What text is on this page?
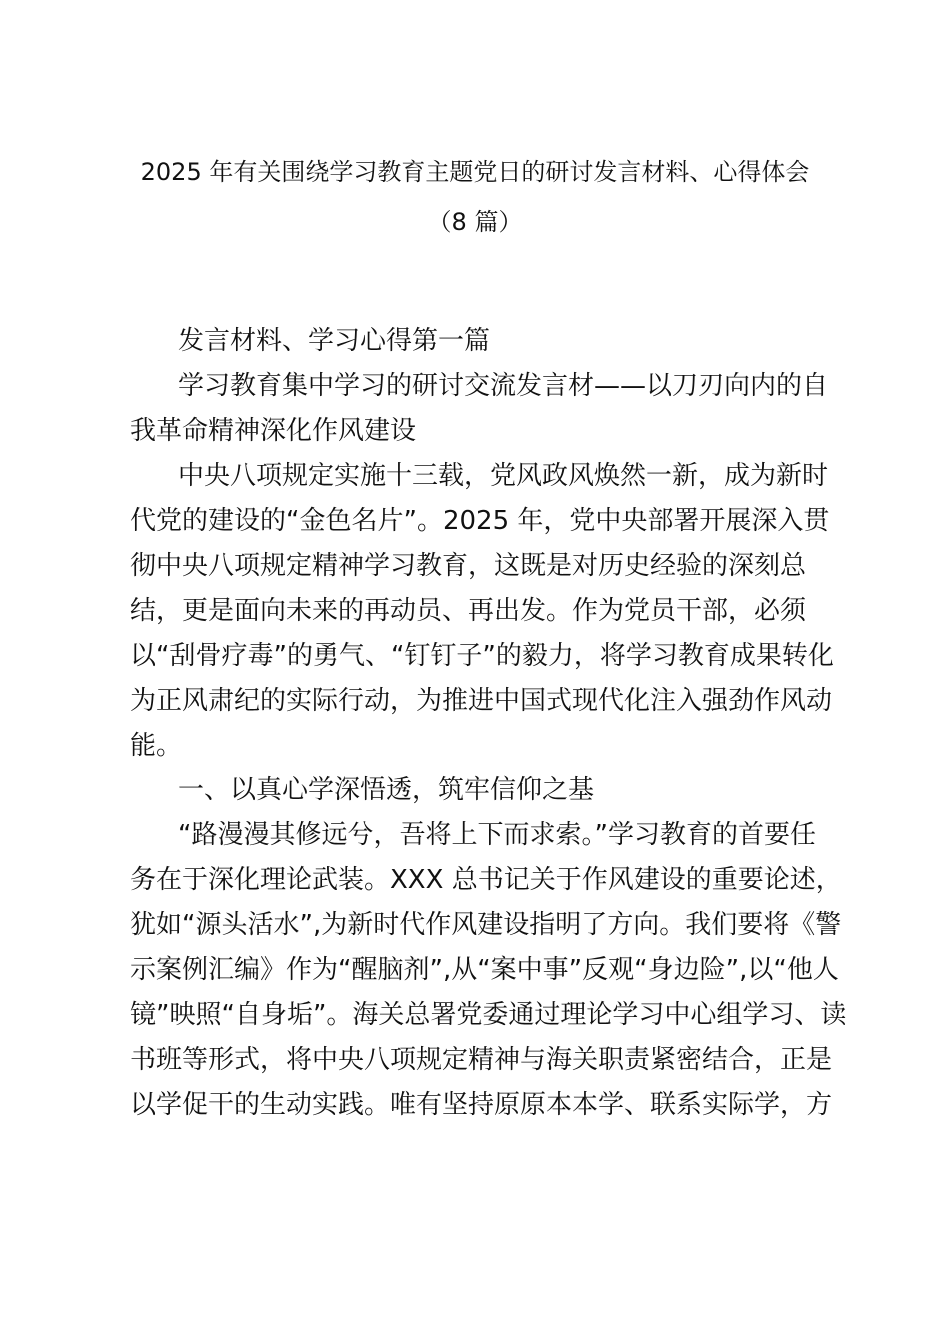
2025 年有关围绕学习教育主题党日的研讨发言材料、心得体会
（8 篇）
发言材料、学习心得第一篇
学习教育集中学习的研讨交流发言材——以刀刃向内的自
我革命精神深化作风建设
中央八项规定实施十三载，党风政风焕然一新，成为新时
代党的建设的“金色名片”。2025 年，党中央部署开展深入贯
彻中央八项规定精神学习教育，这既是对历史经验的深刻总
结，更是面向未来的再动员、再出发。作为党员干部，必须
以“刮骨疗毒”的勇气、“钉钉子”的毅力，将学习教育成果转化
为正风肃纪的实际行动，为推进中国式现代化注入强劲作风动
能。
一、以真心学深悟透，筑牢信仰之基
“路漫漫其修远兮，吾将上下而求索。”学习教育的首要任
务在于深化理论武装。XXX 总书记关于作风建设的重要论述，
犹如“源头活水”,为新时代作风建设指明了方向。我们要将《警
示案例汇编》作为“醒脑剂”,从“案中事”反观“身边险”,以“他人
镜”映照“自身垢”。海关总署党委通过理论学习中心组学习、读
书班等形式，将中央八项规定精神与海关职责紧密结合，正是
以学促干的生动实践。唯有坚持原原本本学、联系实际学，方
